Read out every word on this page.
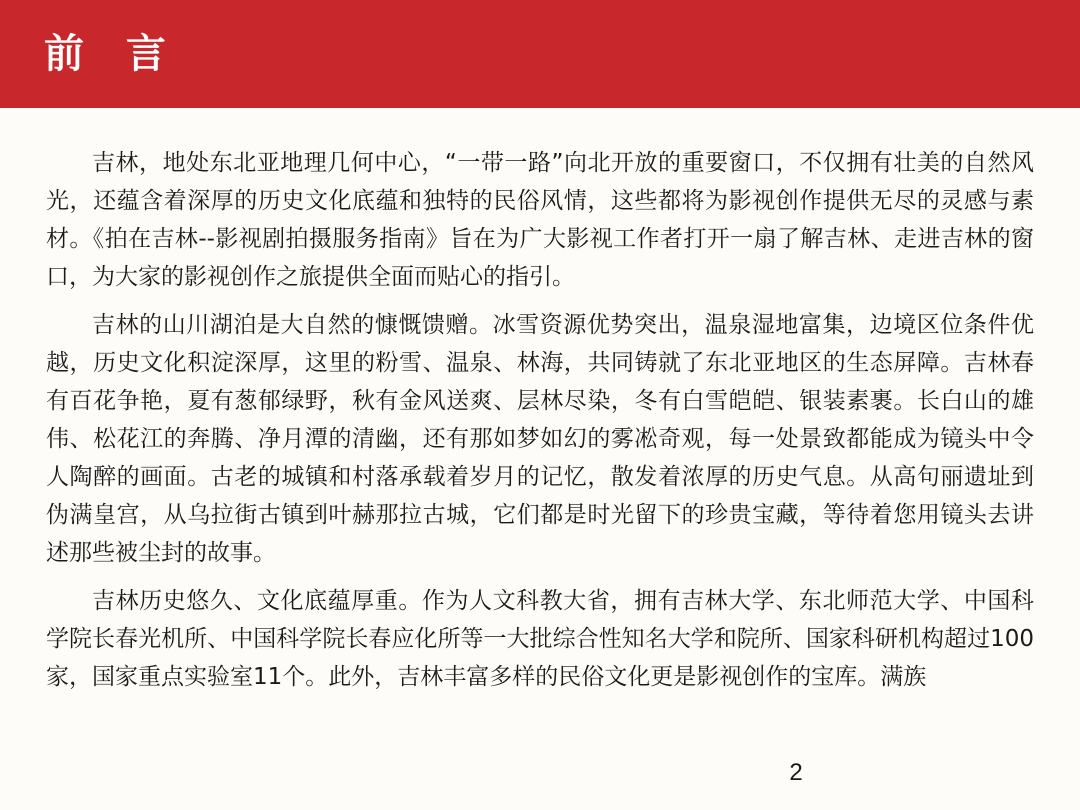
前 言

吉林，地处东北亚地理几何中心，“一带一路”向北开放的重要窗口，不仅拥有壮美的自然风光，还蕴含着深厚的历史文化底蕴和独特的民俗风情，这些都将为影视创作提供无尽的灵感与素材。《拍在吉林--影视剧拍摄服务指南》旨在为广大影视工作者打开一扇了解吉林、走进吉林的窗口，为大家的影视创作之旅提供全面而贴心的指引。

吉林的山川湖泊是大自然的慷慨馈赠。冰雪资源优势突出，温泉湿地富集，边境区位条件优越，历史文化积淀深厚，这里的粉雪、温泉、林海，共同铸就了东北亚地区的生态屏障。吉林春有百花争艳，夏有葱郁绿野，秋有金风送爽、层林尽染，冬有白雪皑皑、银装素裹。长白山的雄伟、松花江的奔腾、净月潭的清幽，还有那如梦如幻的雾凇奇观，每一处景致都能成为镜头中令人陶醉的画面。古老的城镇和村落承载着岁月的记忆，散发着浓厚的历史气息。从高句丽遗址到伪满皇宫，从乌拉街古镇到叶赫那拉古城，它们都是时光留下的珍贵宝藏，等待着您用镜头去讲述那些被尘封的故事。

吉林历史悠久、文化底蕴厚重。作为人文科教大省，拥有吉林大学、东北师范大学、中国科学院长春光机所、中国科学院长春应化所等一大批综合性知名大学和院所、国家科研机构超过100家，国家重点实验室11个。此外，吉林丰富多样的民俗文化更是影视创作的宝库。满族

2
